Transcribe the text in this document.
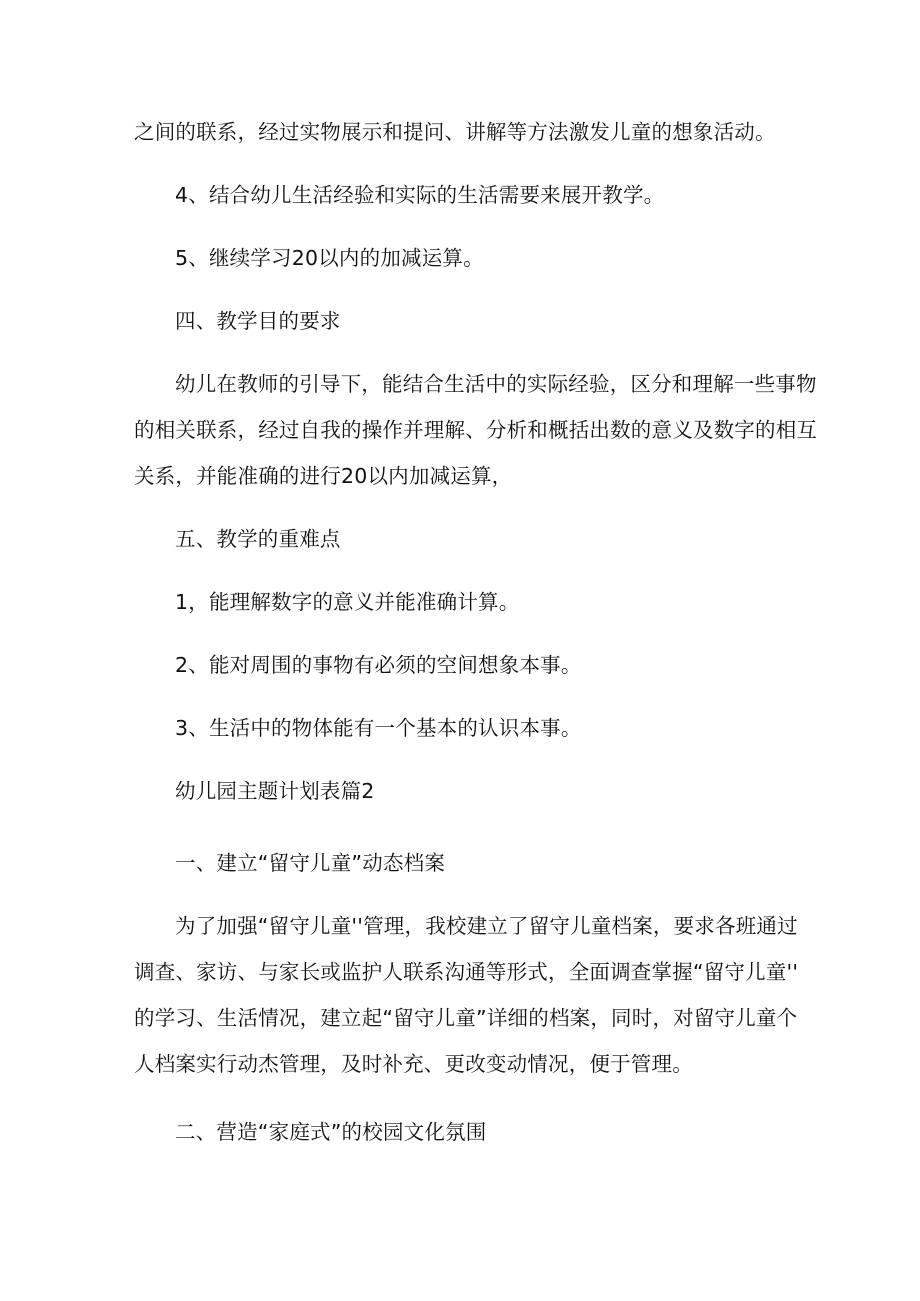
之间的联系，经过实物展示和提问、讲解等方法激发儿童的想象活动。
4、结合幼儿生活经验和实际的生活需要来展开教学。
5、继续学习20以内的加减运算。
四、教学目的要求
幼儿在教师的引导下，能结合生活中的实际经验，区分和理解一些事物
的相关联系，经过自我的操作并理解、分析和概括出数的意义及数字的相互
关系，并能准确的进行20以内加减运算，
五、教学的重难点
1，能理解数字的意义并能准确计算。
2、能对周围的事物有必须的空间想象本事。
3、生活中的物体能有一个基本的认识本事。
幼儿园主题计划表篇2
一、建立“留守儿童”动态档案
为了加强“留守儿童''管理，我校建立了留守儿童档案，要求各班通过
调查、家访、与家长或监护人联系沟通等形式，全面调查掌握“留守儿童''
的学习、生活情况，建立起“留守儿童”详细的档案，同时，对留守儿童个
人档案实行动杰管理，及时补充、更改变动情况，便于管理。
二、营造“家庭式”的校园文化氛围
